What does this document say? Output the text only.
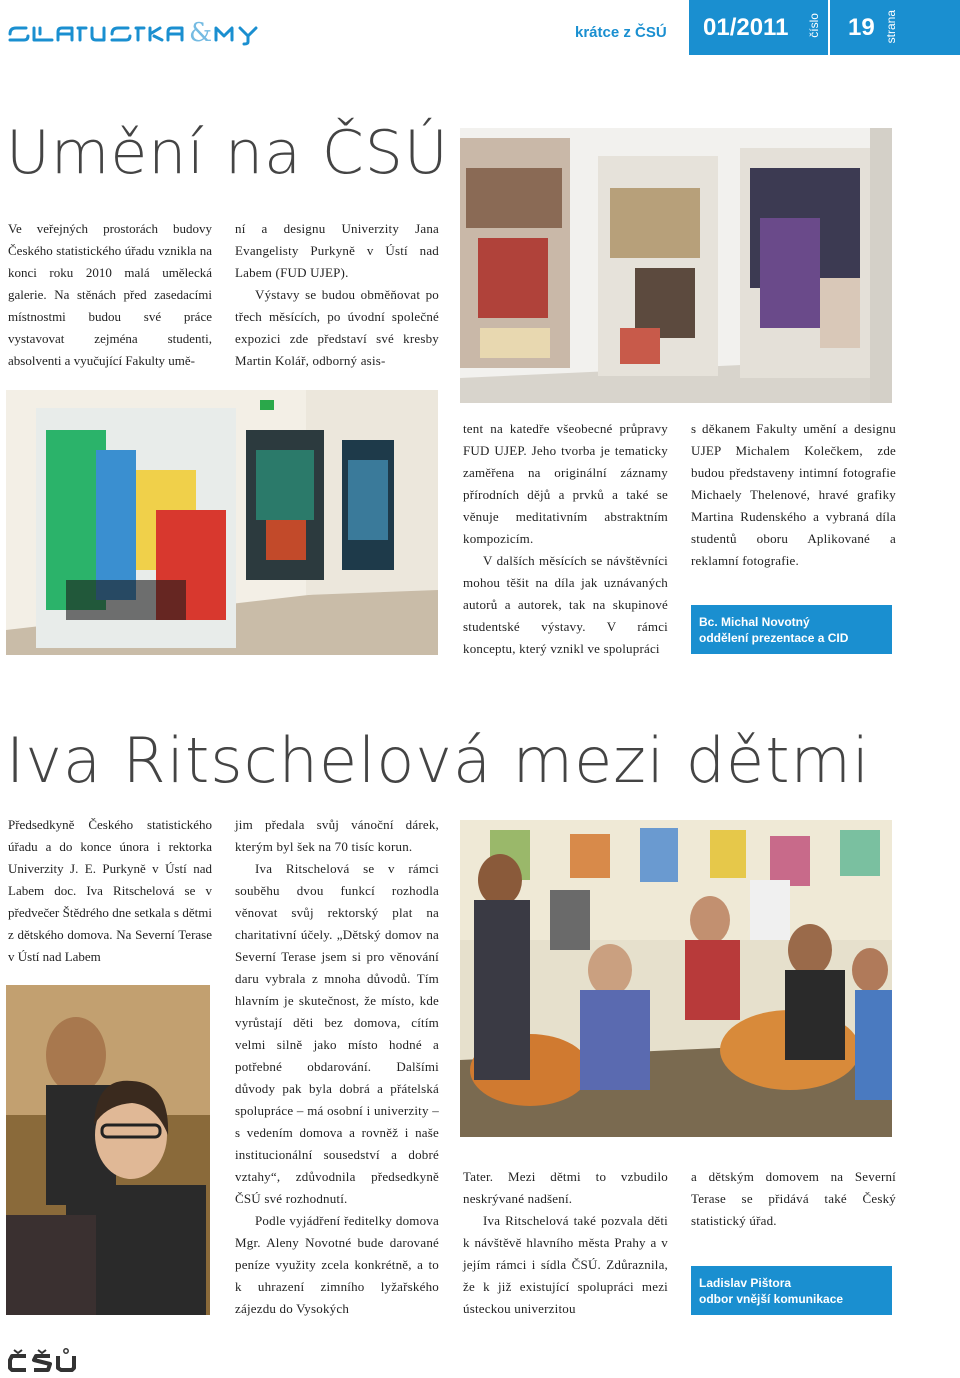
&	krátce z ČSÚ 01/2011 číslo 19 strana
Umění na ČSÚ

Ve veřejných prostorách budovy Českého statistického úřadu vznikla na konci roku 2010 malá umělecká galerie. Na stěnách před zasedacími místnostmi budou své práce vystavovat zejména studenti, absolventi a vyučující Fakulty umě-

ní a designu Univerzity Jana Evangelisty Purkyně v Ústí nad Labem (FUD UJEP).

Výstavy se budou obměňovat po třech měsících, po úvodní společné expozici zde představí své kresby Martin Kolář, odborný asis-

tent na katedře všeobecné průpravy FUD UJEP. Jeho tvorba je tematicky zaměřena na originální záznamy přírodních dějů a prvků a také se věnuje meditativním abstraktním kompozicím.

V dalších měsících se návštěvníci mohou těšit na díla jak uznávaných autorů a autorek, tak na skupinové studentské výstavy. V rámci konceptu, který vznikl ve spolupráci

s děkanem Fakulty umění a designu UJEP Michalem Kolečkem, zde budou představeny intimní fotografie Michaely Thelenové, hravé grafiky Martina Rudenského a vybraná díla studentů oboru Aplikované a reklamní fotografie.

Bc. Michal Novotný
oddělení prezentace a CID
Iva Ritschelová mezi dětmi

Předsedkyně Českého statistického úřadu a do konce února i rektorka Univerzity J. E. Purkyně v Ústí nad Labem doc. Iva Ritschelová se v předvečer Štědrého dne setkala s dětmi z dětského domova. Na Severní Terase v Ústí nad Labem

jim předala svůj vánoční dárek, kterým byl šek na 70 tisíc korun.

Iva Ritschelová se v rámci souběhu dvou funkcí rozhodla věnovat svůj rektorský plat na charitativní účely. „Dětský domov na Severní Terase jsem si pro věnování daru vybrala z mnoha důvodů. Tím hlavním je skutečnost, že místo, kde vyrůstají děti bez domova, cítím velmi silně jako místo hodné a potřebné obdarování. Dalšími důvody pak byla dobrá a přátelská spolupráce – má osobní i univerzity – s vedením domova a rovněž i naše institucionální sousedství a dobré vztahy“, zdůvodnila předsedkyně ČSÚ své rozhodnutí.

Podle vyjádření ředitelky domova Mgr. Aleny Novotné bude darované peníze využity zcela konkrétně, a to k uhrazení zimního lyžařského zájezdu do Vysokých

Tater. Mezi dětmi to vzbudilo neskrývané nadšení.

Iva Ritschelová také pozvala děti k návštěvě hlavního města Prahy a v jejím rámci i sídla ČSÚ. Zdůraznila, že k již existující spolupráci mezi ústeckou univerzitou

a dětským domovem na Severní Terase se přidává také Český statistický úřad.

Ladislav Pištora
odbor vnější komunikace
